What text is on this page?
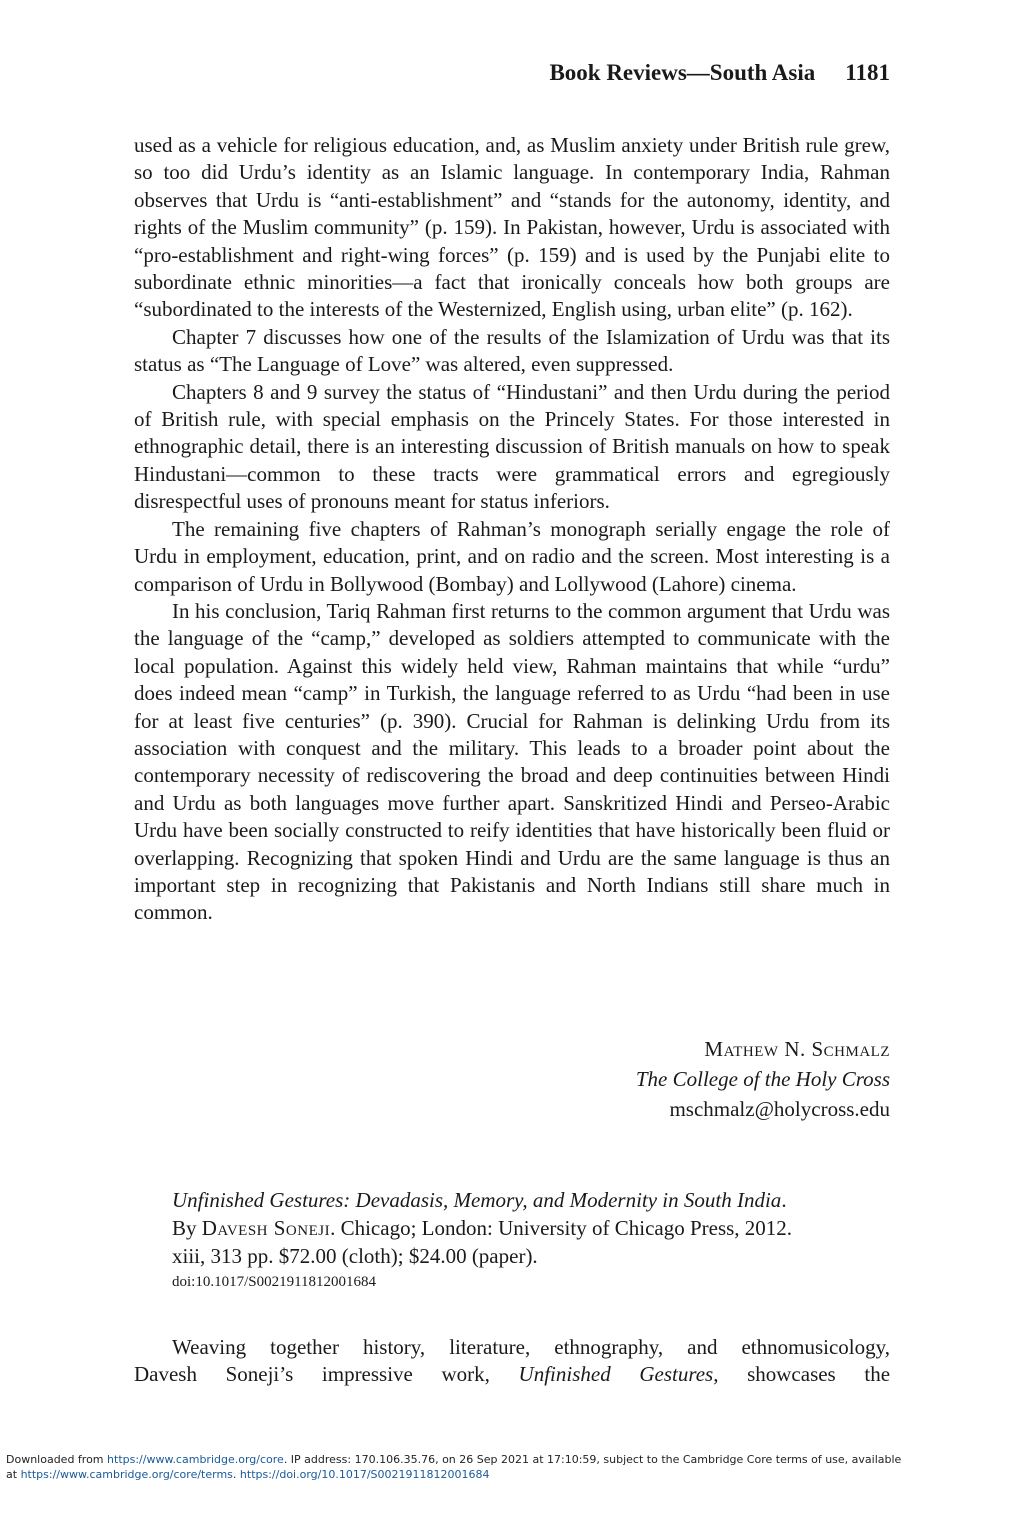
Book Reviews—South Asia 1181

used as a vehicle for religious education, and, as Muslim anxiety under British rule grew, so too did Urdu’s identity as an Islamic language. In contemporary India, Rahman observes that Urdu is “anti-establishment” and “stands for the autonomy, identity, and rights of the Muslim community” (p. 159). In Pakistan, however, Urdu is associated with “pro-establishment and right-wing forces” (p. 159) and is used by the Punjabi elite to subordinate ethnic minorities—a fact that ironically conceals how both groups are “subordinated to the interests of the Westernized, English using, urban elite” (p. 162).

Chapter 7 discusses how one of the results of the Islamization of Urdu was that its status as “The Language of Love” was altered, even suppressed.

Chapters 8 and 9 survey the status of “Hindustani” and then Urdu during the period of British rule, with special emphasis on the Princely States. For those interested in ethnographic detail, there is an interesting discussion of British manuals on how to speak Hindustani—common to these tracts were grammatical errors and egregiously disrespectful uses of pronouns meant for status inferiors.

The remaining five chapters of Rahman’s monograph serially engage the role of Urdu in employment, education, print, and on radio and the screen. Most interesting is a comparison of Urdu in Bollywood (Bombay) and Lollywood (Lahore) cinema.

In his conclusion, Tariq Rahman first returns to the common argument that Urdu was the language of the “camp,” developed as soldiers attempted to communicate with the local population. Against this widely held view, Rahman maintains that while “urdu” does indeed mean “camp” in Turkish, the language referred to as Urdu “had been in use for at least five centuries” (p. 390). Crucial for Rahman is delinking Urdu from its association with conquest and the military. This leads to a broader point about the contemporary necessity of rediscovering the broad and deep continuities between Hindi and Urdu as both languages move further apart. Sanskritized Hindi and Perseo-Arabic Urdu have been socially constructed to reify identities that have historically been fluid or overlapping. Recognizing that spoken Hindi and Urdu are the same language is thus an important step in recognizing that Pakistanis and North Indians still share much in common.

Mathew N. Schmalz
The College of the Holy Cross
mschmalz@holycross.edu
Unfinished Gestures: Devadasis, Memory, and Modernity in South India.
By Davesh Soneji. Chicago; London: University of Chicago Press, 2012.
xiii, 313 pp. $72.00 (cloth); $24.00 (paper).
doi:10.1017/S0021911812001684
Weaving together history, literature, ethnography, and ethnomusicology,
Davesh Soneji’s impressive work, Unfinished Gestures, showcases the
Downloaded from https://www.cambridge.org/core. IP address: 170.106.35.76, on 26 Sep 2021 at 17:10:59, subject to the Cambridge Core terms of use, available
at https://www.cambridge.org/core/terms. https://doi.org/10.1017/S0021911812001684
